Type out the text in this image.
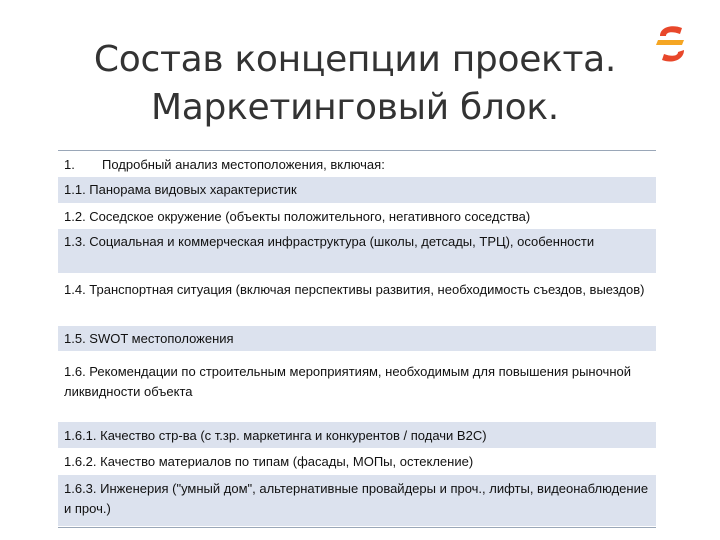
Состав концепции проекта.
Маркетинговый блок.
1. Подробный анализ местоположения, включая:
1.1. Панорама видовых характеристик
1.2. Соседское окружение (объекты положительного, негативного соседства)
1.3. Социальная и коммерческая инфраструктура (школы, детсады, ТРЦ), особенности
1.4. Транспортная ситуация (включая перспективы развития, необходимость съездов, выездов)
1.5. SWOT местоположения
1.6. Рекомендации по строительным мероприятиям, необходимым для повышения рыночной ликвидности объекта
1.6.1. Качество стр-ва (с т.зр. маркетинга и конкурентов / подачи B2C)
1.6.2. Качество материалов по типам (фасады, МОПы, остекление)
1.6.3. Инженерия ("умный дом", альтернативные провайдеры и проч., лифты, видеонаблюдение и проч.)
